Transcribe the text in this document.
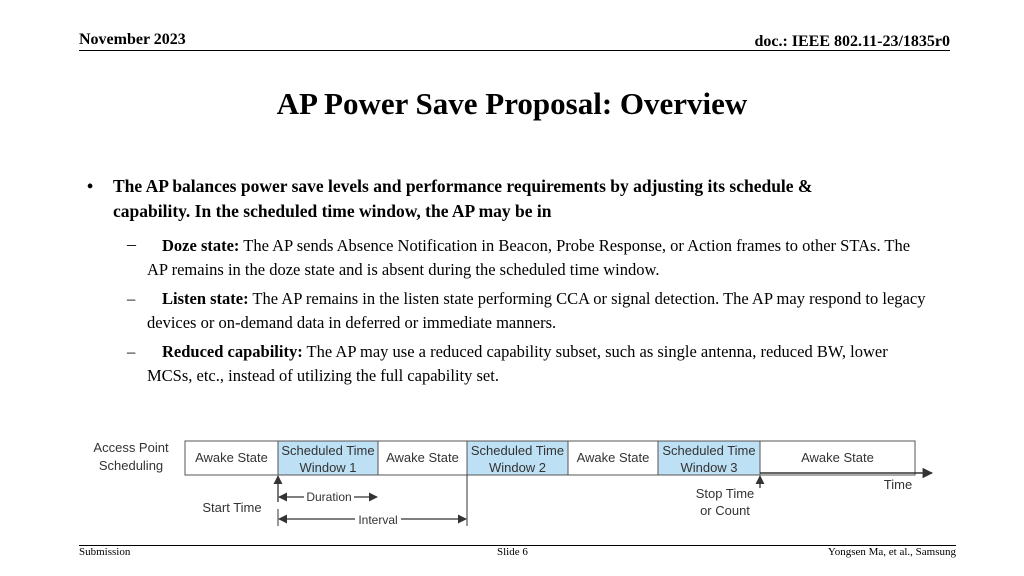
November 2023	doc.: IEEE 802.11-23/1835r0
AP Power Save Proposal: Overview
• The AP balances power save levels and performance requirements by adjusting its schedule & capability. In the scheduled time window, the AP may be in
–	Doze state: The AP sends Absence Notification in Beacon, Probe Response, or Action frames to other STAs. The AP remains in the doze state and is absent during the scheduled time window.
–	Listen state: The AP remains in the listen state performing CCA or signal detection. The AP may respond to legacy devices or on-demand data in deferred or immediate manners.
–	Reduced capability: The AP may use a reduced capability subset, such as single antenna, reduced BW, lower MCSs, etc., instead of utilizing the full capability set.
Access Point
Scheduling
Awake State Scheduled Time
Window 1
Awake State Scheduled Time
Window 2
Awake State Scheduled Time
Window 3
Awake State
Time
Start Time
Duration
Interval
Stop Time
or Count
Submission	Slide 6	Yongsen Ma, et al., Samsung
